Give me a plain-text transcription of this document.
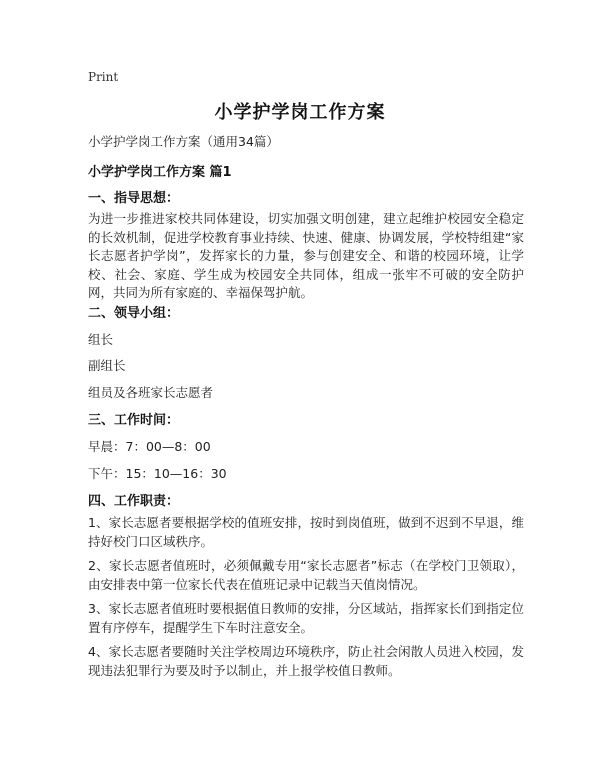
Print

小学护学岗工作方案

小学护学岗工作方案（通用34篇）

小学护学岗工作方案 篇1

一、指导思想：

为进一步推进家校共同体建设，切实加强文明创建，建立起维护校园安全稳定的长效机制，促进学校教育事业持续、快速、健康、协调发展，学校特组建“家长志愿者护学岗”，发挥家长的力量，参与创建安全、和谐的校园环境，让学校、社会、家庭、学生成为校园安全共同体，组成一张牢不可破的安全防护网，共同为所有家庭的、幸福保驾护航。

二、领导小组：

组长

副组长

组员及各班家长志愿者

三、工作时间：

早晨：7：00—8：00

下午：15：10—16：30

四、工作职责：

1、家长志愿者要根据学校的值班安排，按时到岗值班，做到不迟到不早退，维持好校门口区域秩序。

2、家长志愿者值班时，必须佩戴专用“家长志愿者”标志（在学校门卫领取），由安排表中第一位家长代表在值班记录中记载当天值岗情况。

3、家长志愿者值班时要根据值日教师的安排，分区域站，指挥家长们到指定位置有序停车，提醒学生下车时注意安全。

4、家长志愿者要随时关注学校周边环境秩序，防止社会闲散人员进入校园，发现违法犯罪行为要及时予以制止，并上报学校值日教师。
